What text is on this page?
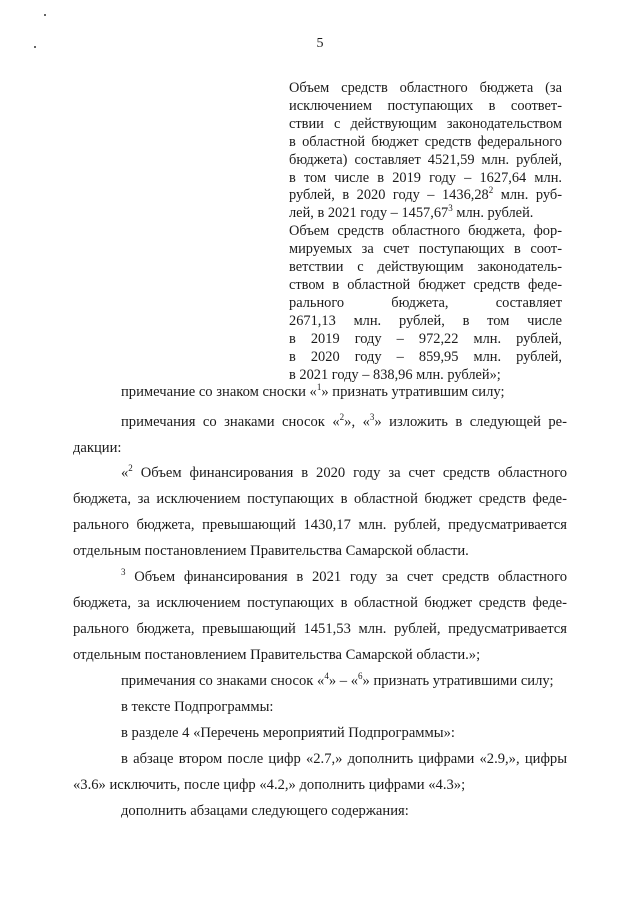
5
Объем средств областного бюджета (за
исключением поступающих в соответ-
ствии с действующим законодательством
в областной бюджет средств федерального
бюджета) составляет 4521,59 млн. рублей,
в том числе в 2019 году – 1627,64 млн.
рублей, в 2020 году – 1436,28$^2$ млн. руб-
лей, в 2021 году – 1457,67$^3$ млн. рублей.
Объем средств областного бюджета, фор-
мируемых за счет поступающих в соот-
ветствии с действующим законодатель-
ством в областной бюджет средств феде-
рального бюджета, составляет
2671,13 млн. рублей, в том числе
в 2019 году – 972,22 млн. рублей,
в 2020 году – 859,95 млн. рублей,
в 2021 году – 838,96 млн. рублей»;
примечание со знаком сноски «$^1$» признать утратившим силу;
примечания со знаками сносок «$^2$», «$^3$» изложить в следующей ре-
дакции:
«$^2$ Объем финансирования в 2020 году за счет средств областного
бюджета, за исключением поступающих в областной бюджет средств феде-
рального бюджета, превышающий 1430,17 млн. рублей, предусматривается
отдельным постановлением Правительства Самарской области.
$^3$ Объем финансирования в 2021 году за счет средств областного
бюджета, за исключением поступающих в областной бюджет средств феде-
рального бюджета, превышающий 1451,53 млн. рублей, предусматривается
отдельным постановлением Правительства Самарской области.»;
примечания со знаками сносок «$^4$» – «$^6$» признать утратившими силу;
в тексте Подпрограммы:
в разделе 4 «Перечень мероприятий Подпрограммы»:
в абзаце втором после цифр «2.7,» дополнить цифрами «2.9,», цифры
«3.6» исключить, после цифр «4.2,» дополнить цифрами «4.3»;
дополнить абзацами следующего содержания:
